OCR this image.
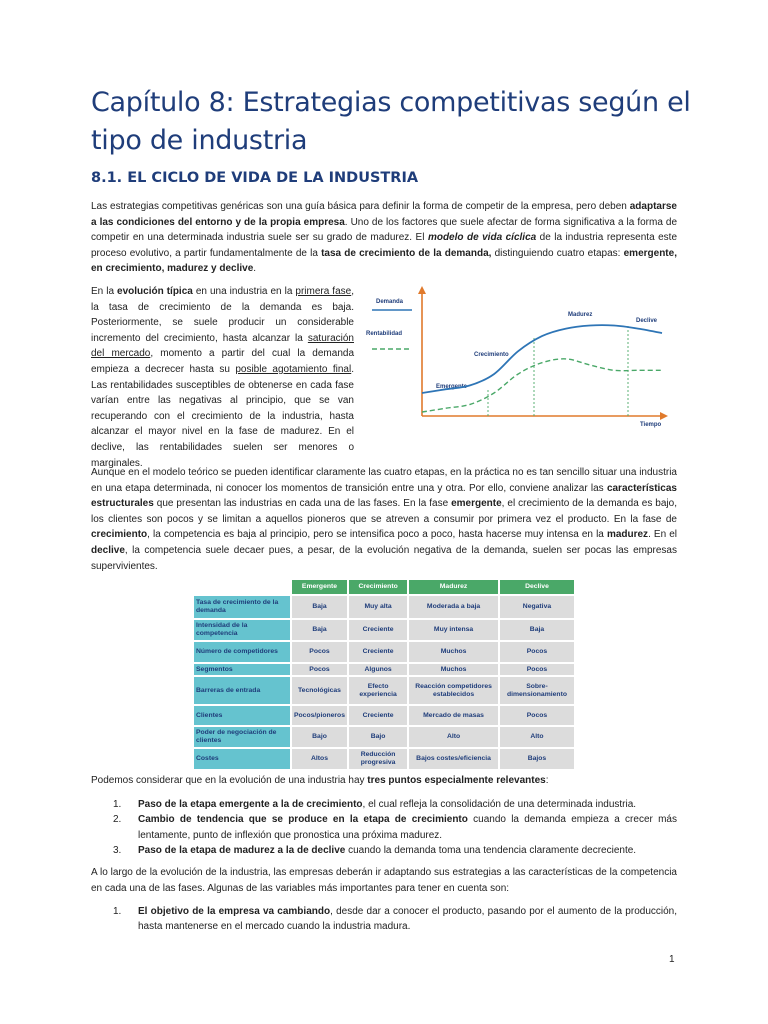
Capítulo 8: Estrategias competitivas según el tipo de industria
8.1. EL CICLO DE VIDA DE LA INDUSTRIA
Las estrategias competitivas genéricas son una guía básica para definir la forma de competir de la empresa, pero deben adaptarse a las condiciones del entorno y de la propia empresa. Uno de los factores que suele afectar de forma significativa a la forma de competir en una determinada industria suele ser su grado de madurez. El modelo de vida cíclica de la industria representa este proceso evolutivo, a partir fundamentalmente de la tasa de crecimiento de la demanda, distinguiendo cuatro etapas: emergente, en crecimiento, madurez y declive.
En la evolución típica en una industria en la primera fase, la tasa de crecimiento de la demanda es baja. Posteriormente, se suele producir un considerable incremento del crecimiento, hasta alcanzar la saturación del mercado, momento a partir del cual la demanda empieza a decrecer hasta su posible agotamiento final. Las rentabilidades susceptibles de obtenerse en cada fase varían entre las negativas al principio, que se van recuperando con el crecimiento de la industria, hasta alcanzar el mayor nivel en la fase de madurez. En el declive, las rentabilidades suelen ser menores o marginales.
Demanda
Rentabilidad
Emergente
Crecimiento
Madurez
Declive
Tiempo
Aunque en el modelo teórico se pueden identificar claramente las cuatro etapas, en la práctica no es tan sencillo situar una industria en una etapa determinada, ni conocer los momentos de transición entre una y otra. Por ello, conviene analizar las características estructurales que presentan las industrias en cada una de las fases. En la fase emergente, el crecimiento de la demanda es bajo, los clientes son pocos y se limitan a aquellos pioneros que se atreven a consumir por primera vez el producto. En la fase de crecimiento, la competencia es baja al principio, pero se intensifica poco a poco, hasta hacerse muy intensa en la madurez. En el declive, la competencia suele decaer pues, a pesar, de la evolución negativa de la demanda, suelen ser pocas las empresas supervivientes.
	Emergente	Crecimiento	Madurez	Declive
Tasa de crecimiento de la demanda	Baja	Muy alta	Moderada a baja	Negativa
Intensidad de la competencia	Baja	Creciente	Muy intensa	Baja
Número de competidores	Pocos	Creciente	Muchos	Pocos
Segmentos	Pocos	Algunos	Muchos	Pocos
Barreras de entrada	Tecnológicas	Efecto experiencia	Reacción competidores establecidos	Sobre-dimensionamiento
Clientes	Pocos/pioneros	Creciente	Mercado de masas	Pocos
Poder de negociación de clientes	Bajo	Bajo	Alto	Alto
Costes	Altos	Reducción progresiva	Bajos costes/eficiencia	Bajos
Podemos considerar que en la evolución de una industria hay tres puntos especialmente relevantes:
1. Paso de la etapa emergente a la de crecimiento, el cual refleja la consolidación de una determinada industria.
2. Cambio de tendencia que se produce en la etapa de crecimiento cuando la demanda empieza a crecer más lentamente, punto de inflexión que pronostica una próxima madurez.
3. Paso de la etapa de madurez a la de declive cuando la demanda toma una tendencia claramente decreciente.
A lo largo de la evolución de la industria, las empresas deberán ir adaptando sus estrategias a las características de la competencia en cada una de las fases. Algunas de las variables más importantes para tener en cuenta son:
1. El objetivo de la empresa va cambiando, desde dar a conocer el producto, pasando por el aumento de la producción, hasta mantenerse en el mercado cuando la industria madura.
1
